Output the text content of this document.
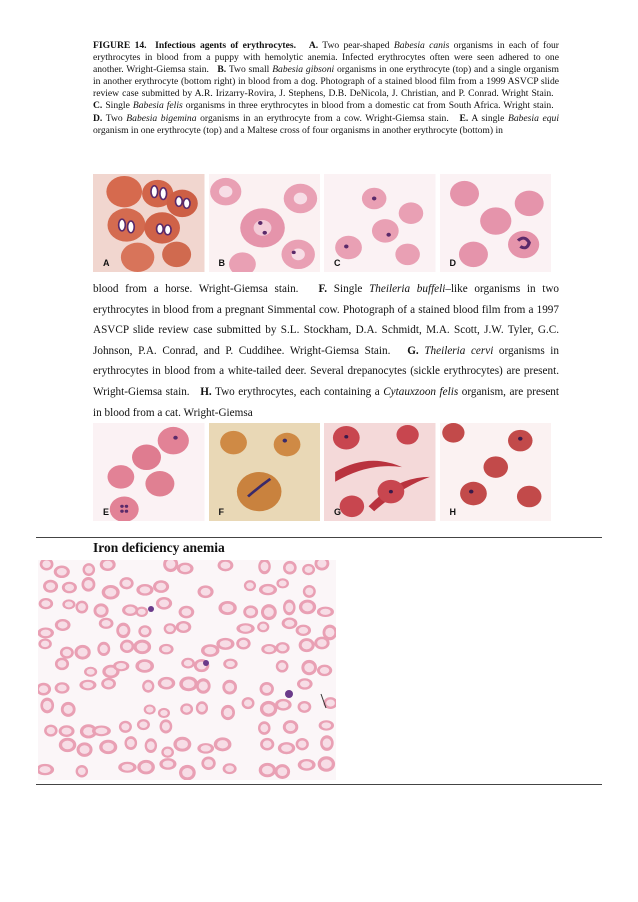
FIGURE 14. Infectious agents of erythrocytes. A. Two pear-shaped Babesia canis organisms in each of four erythrocytes in blood from a puppy with hemolytic anemia. Infected erythrocytes often were seen adhered to one another. Wright-Giemsa stain. B. Two small Babesia gibsoni organisms in one erythrocyte (top) and a single organism in another erythrocyte (bottom right) in blood from a dog. Photograph of a stained blood film from a 1999 ASVCP slide review case submitted by A.R. Irizarry-Rovira, J. Stephens, D.B. DeNicola, J. Christian, and P. Conrad. Wright Stain.   C. Single Babesia felis organisms in three erythrocytes in blood from a domestic cat from South Africa. Wright stain.   D. Two Babesia bigemina organisms in an erythrocyte from a cow. Wright-Giemsa stain. E. A single Babesia equi organism in one erythrocyte (top) and a Maltese cross of four organisms in another erythrocyte (bottom) in

A	B	C	D

blood from a horse. Wright-Giemsa stain. F. Single Theileria buffeli–like organisms in two erythrocytes in blood from a pregnant Simmental cow. Photograph of a stained blood film from a 1997 ASVCP slide review case submitted by S.L. Stockham, D.A. Schmidt, M.A. Scott, J.W. Tyler, G.C. Johnson, P.A. Conrad, and P. Cuddihee. Wright-Giemsa Stain. G. Theileria cervi organisms in erythrocytes in blood from a white-tailed deer. Several drepanocytes (sickle erythrocytes) are present. Wright-Giemsa stain. H. Two erythrocytes, each containing a Cytauxzoon felis organism, are present in blood from a cat. Wright-Giemsa

E	F	G	H
Iron deficiency anemia
